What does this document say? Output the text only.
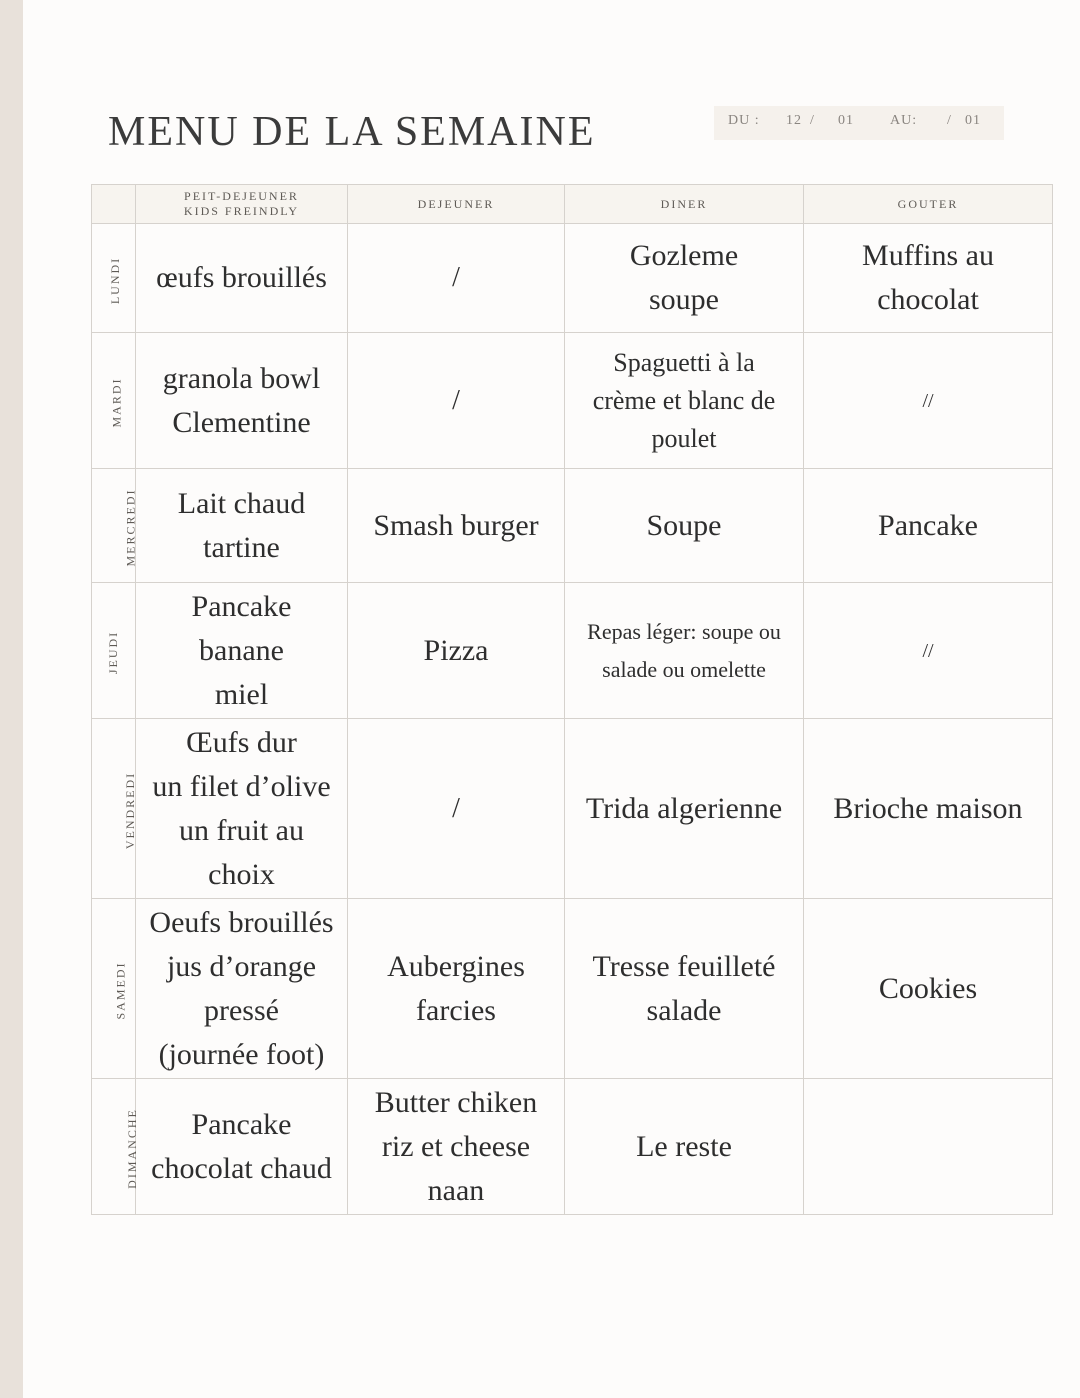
MENU DE LA SEMAINE	DU : 12 / 01	AU: / 01
	PEIT-DEJEUNER
KIDS FREINDLY	DEJEUNER	DINER	GOUTER
LUNDI	œufs brouillés	/	Gozleme
soupe	Muffins au
chocolat

MARDI	granola bowl
Clementine	/	Spaguetti à la
crème et blanc de
poulet	//

MERCREDI	Lait chaud
tartine	Smash burger	Soupe	Pancake

JEUDI	Pancake
banane
miel	Pizza	Repas léger: soupe ou
salade ou omelette	//

VENDREDI	Œufs dur
un filet d’olive
un fruit au
choix	/	Trida algerienne	Brioche maison

SAMEDI	Oeufs brouillés
jus d’orange
pressé
(journée foot)	Aubergines
farcies	Tresse feuilleté
salade	Cookies

DIMANCHE	Pancake
chocolat chaud	Butter chiken
riz et cheese
naan	Le reste	
